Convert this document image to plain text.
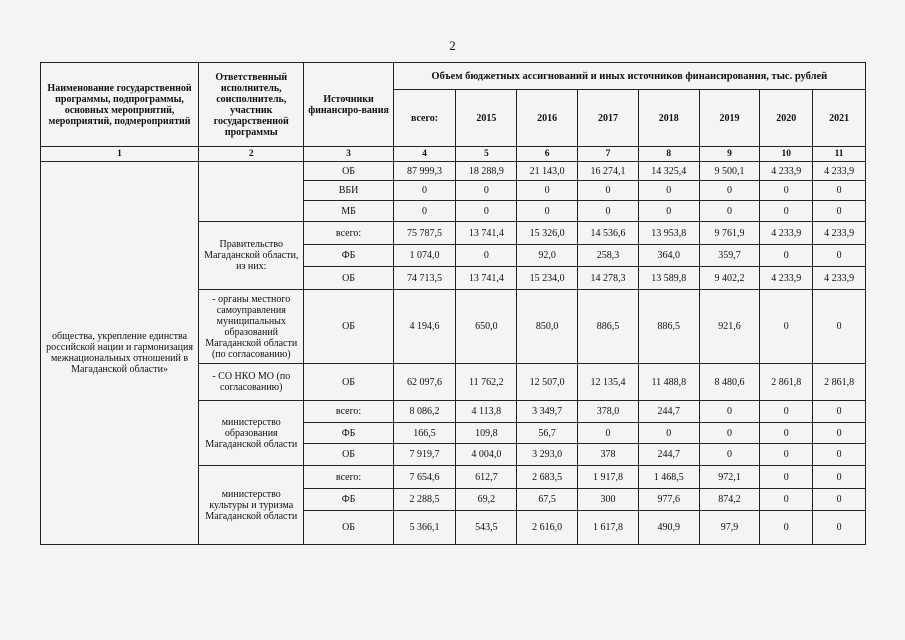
2
Наименование государственной программы, подпрограммы, основных мероприятий, мероприятий, подмероприятий	Ответственный исполнитель, соисполнитель, участник государственной программы	Источники финансиро-вания	Объем бюджетных ассигнований и иных источников финансирования, тыс. рублей							
			всего:	2015	2016	2017	2018	2019	2020	2021
1	2	3	4	5	6	7	8	9	10	11
общества, укрепление единства российской нации и гармонизация межнациональных отношений в Магаданской области»		ОБ	87 999,3	18 288,9	21 143,0	16 274,1	14 325,4	9 500,1	4 233,9	4 233,9
		ВБИ	0	0	0	0	0	0	0	0
		МБ	0	0	0	0	0	0	0	0
	Правительство Магаданской области, из них:	всего:	75 787,5	13 741,4	15 326,0	14 536,6	13 953,8	9 761,9	4 233,9	4 233,9
		ФБ	1 074,0	0	92,0	258,3	364,0	359,7	0	0
		ОБ	74 713,5	13 741,4	15 234,0	14 278,3	13 589,8	9 402,2	4 233,9	4 233,9
	- органы местного самоуправления муниципальных образований Магаданской области (по согласованию)	ОБ	4 194,6	650,0	850,0	886,5	886,5	921,6	0	0
	- СО НКО МО (по согласованию)	ОБ	62 097,6	11 762,2	12 507,0	12 135,4	11 488,8	8 480,6	2 861,8	2 861,8
	министерство образования Магаданской области	всего:	8 086,2	4 113,8	3 349,7	378,0	244,7	0	0	0
		ФБ	166,5	109,8	56,7	0	0	0	0	0
		ОБ	7 919,7	4 004,0	3 293,0	378	244,7	0	0	0
	министерство культуры и туризма Магаданской области	всего:	7 654,6	612,7	2 683,5	1 917,8	1 468,5	972,1	0	0
		ФБ	2 288,5	69,2	67,5	300	977,6	874,2	0	0
		ОБ	5 366,1	543,5	2 616,0	1 617,8	490,9	97,9	0	0
